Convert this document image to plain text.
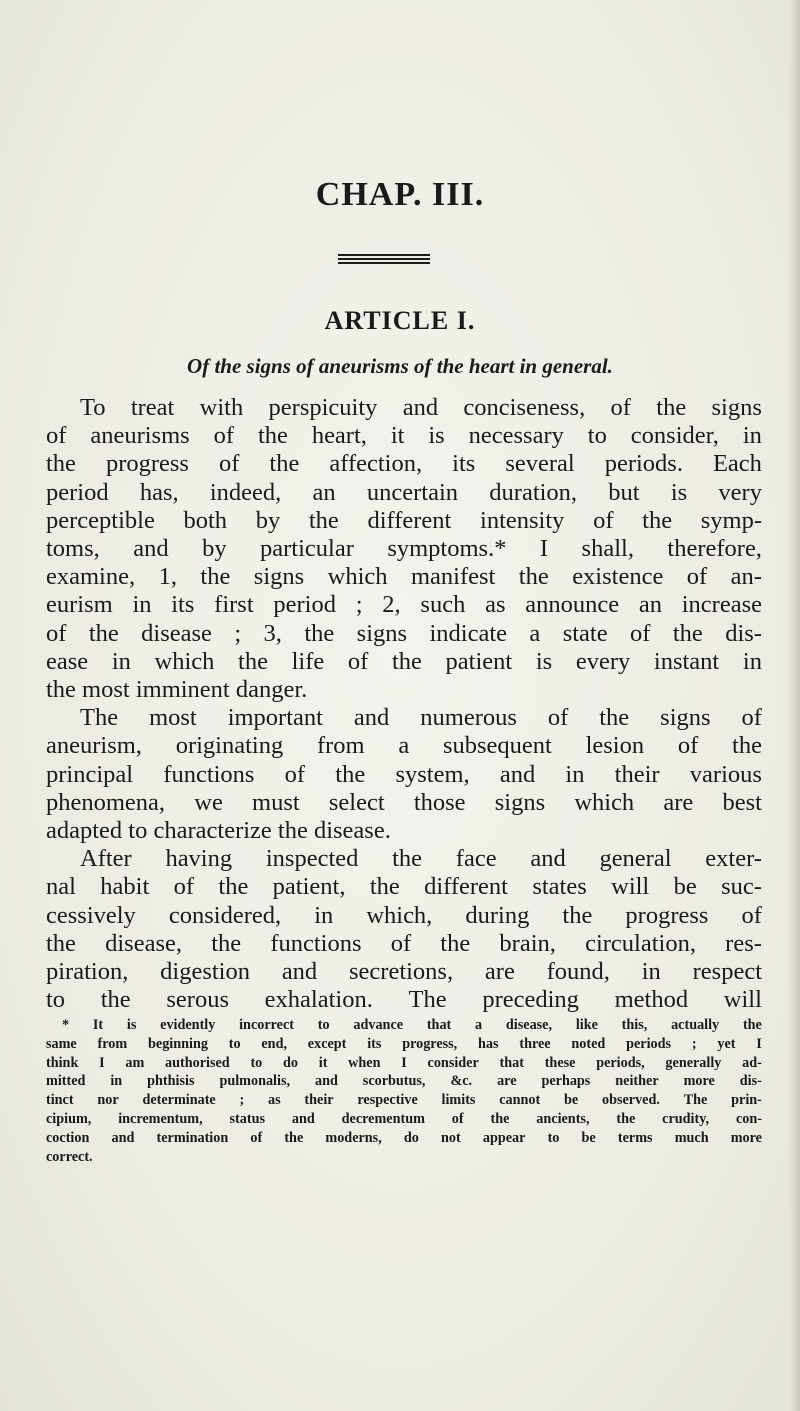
CHAP. III.
ARTICLE I.
Of the signs of aneurisms of the heart in general.
To treat with perspicuity and conciseness, of the signs
of aneurisms of the heart, it is necessary to consider, in
the progress of the affection, its several periods. Each
period has, indeed, an uncertain duration, but is very
perceptible both by the different intensity of the symp-
toms, and by particular symptoms.* I shall, therefore,
examine, 1, the signs which manifest the existence of an-
eurism in its first period ; 2, such as announce an increase
of the disease ; 3, the signs indicate a state of the dis-
ease in which the life of the patient is every instant in
the most imminent danger.
The most important and numerous of the signs of
aneurism, originating from a subsequent lesion of the
principal functions of the system, and in their various
phenomena, we must select those signs which are best
adapted to characterize the disease.
After having inspected the face and general exter-
nal habit of the patient, the different states will be suc-
cessively considered, in which, during the progress of
the disease, the functions of the brain, circulation, res-
piration, digestion and secretions, are found, in respect
to the serous exhalation. The preceding method will
* It is evidently incorrect to advance that a disease, like this, actually the
same from beginning to end, except its progress, has three noted periods ; yet I
think I am authorised to do it when I consider that these periods, generally ad-
mitted in phthisis pulmonalis, and scorbutus, &c. are perhaps neither more dis-
tinct nor determinate ; as their respective limits cannot be observed. The prin-
cipium, incrementum, status and decrementum of the ancients, the crudity, con-
coction and termination of the moderns, do not appear to be terms much more
correct.
